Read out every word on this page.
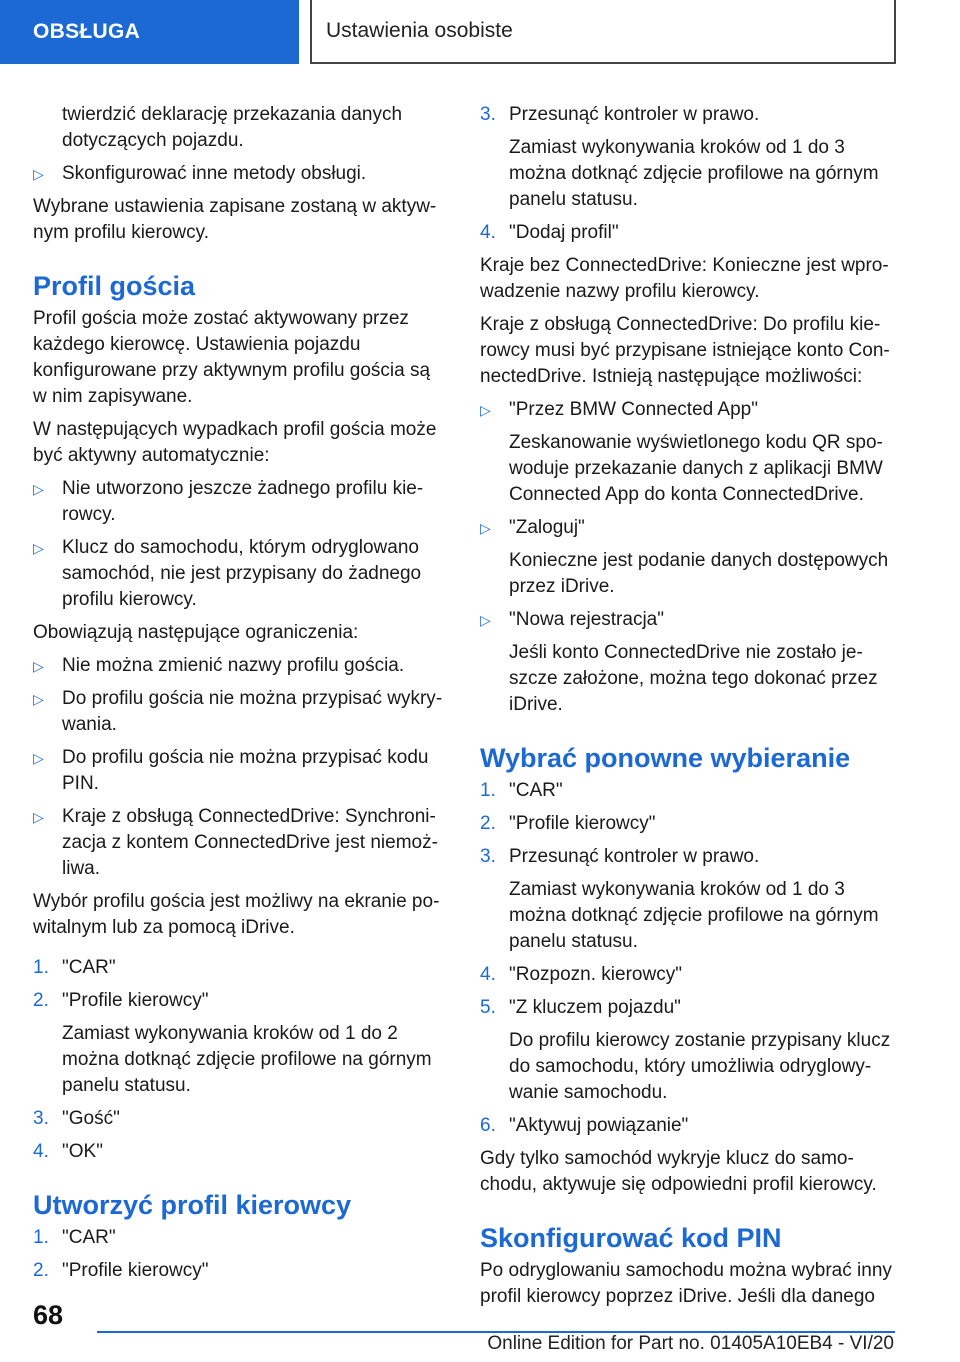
OBSŁUGA	Ustawienia osobiste

twierdzić deklarację przekazania danych dotyczących pojazdu.

▷ Skonfigurować inne metody obsługi.

Wybrane ustawienia zapisane zostaną w aktywnym profilu kierowcy.

Profil gościa

Profil gościa może zostać aktywowany przez każdego kierowcę. Ustawienia pojazdu konfigurowane przy aktywnym profilu gościa są w nim zapisywane.

W następujących wypadkach profil gościa może być aktywny automatycznie:

▷ Nie utworzono jeszcze żadnego profilu kierowcy.
▷ Klucz do samochodu, którym odryglowano samochód, nie jest przypisany do żadnego profilu kierowcy.

Obowiązują następujące ograniczenia:

▷ Nie można zmienić nazwy profilu gościa.
▷ Do profilu gościa nie można przypisać wykrywania.
▷ Do profilu gościa nie można przypisać kodu PIN.
▷ Kraje z obsługą ConnectedDrive: Synchronizacja z kontem ConnectedDrive jest niemożliwa.

Wybór profilu gościa jest możliwy na ekranie powitalnym lub za pomocą iDrive.

1. "CAR"
2. "Profile kierowcy"
Zamiast wykonywania kroków od 1 do 2 można dotknąć zdjęcie profilowe na górnym panelu statusu.
3. "Gość"
4. "OK"
Utworzyć profil kierowcy
1. "CAR"
2. "Profile kierowcy"
3. Przesunąć kontroler w prawo.
Zamiast wykonywania kroków od 1 do 3 można dotknąć zdjęcie profilowe na górnym panelu statusu.
4. "Dodaj profil"

Kraje bez ConnectedDrive: Konieczne jest wprowadzenie nazwy profilu kierowcy.

Kraje z obsługą ConnectedDrive: Do profilu kierowcy musi być przypisane istniejące konto ConnectedDrive. Istnieją następujące możliwości:

▷ "Przez BMW Connected App"
Zeskanowanie wyświetlonego kodu QR spowoduje przekazanie danych z aplikacji BMW Connected App do konta ConnectedDrive.
▷ "Zaloguj"
Konieczne jest podanie danych dostępowych przez iDrive.
▷ "Nowa rejestracja"
Jeśli konto ConnectedDrive nie zostało jeszcze założone, można tego dokonać przez iDrive.
Wybrać ponowne wybieranie
1. "CAR"
2. "Profile kierowcy"
3. Przesunąć kontroler w prawo.
Zamiast wykonywania kroków od 1 do 3 można dotknąć zdjęcie profilowe na górnym panelu statusu.
4. "Rozpozn. kierowcy"
5. "Z kluczem pojazdu"
Do profilu kierowcy zostanie przypisany klucz do samochodu, który umożliwia odryglowywanie samochodu.
6. "Aktywuj powiązanie"

Gdy tylko samochód wykryje klucz do samochodu, aktywuje się odpowiedni profil kierowcy.

Skonfigurować kod PIN

Po odryglowaniu samochodu można wybrać inny profil kierowcy poprzez iDrive. Jeśli dla danego

68
Online Edition for Part no. 01405A10EB4 - VI/20
